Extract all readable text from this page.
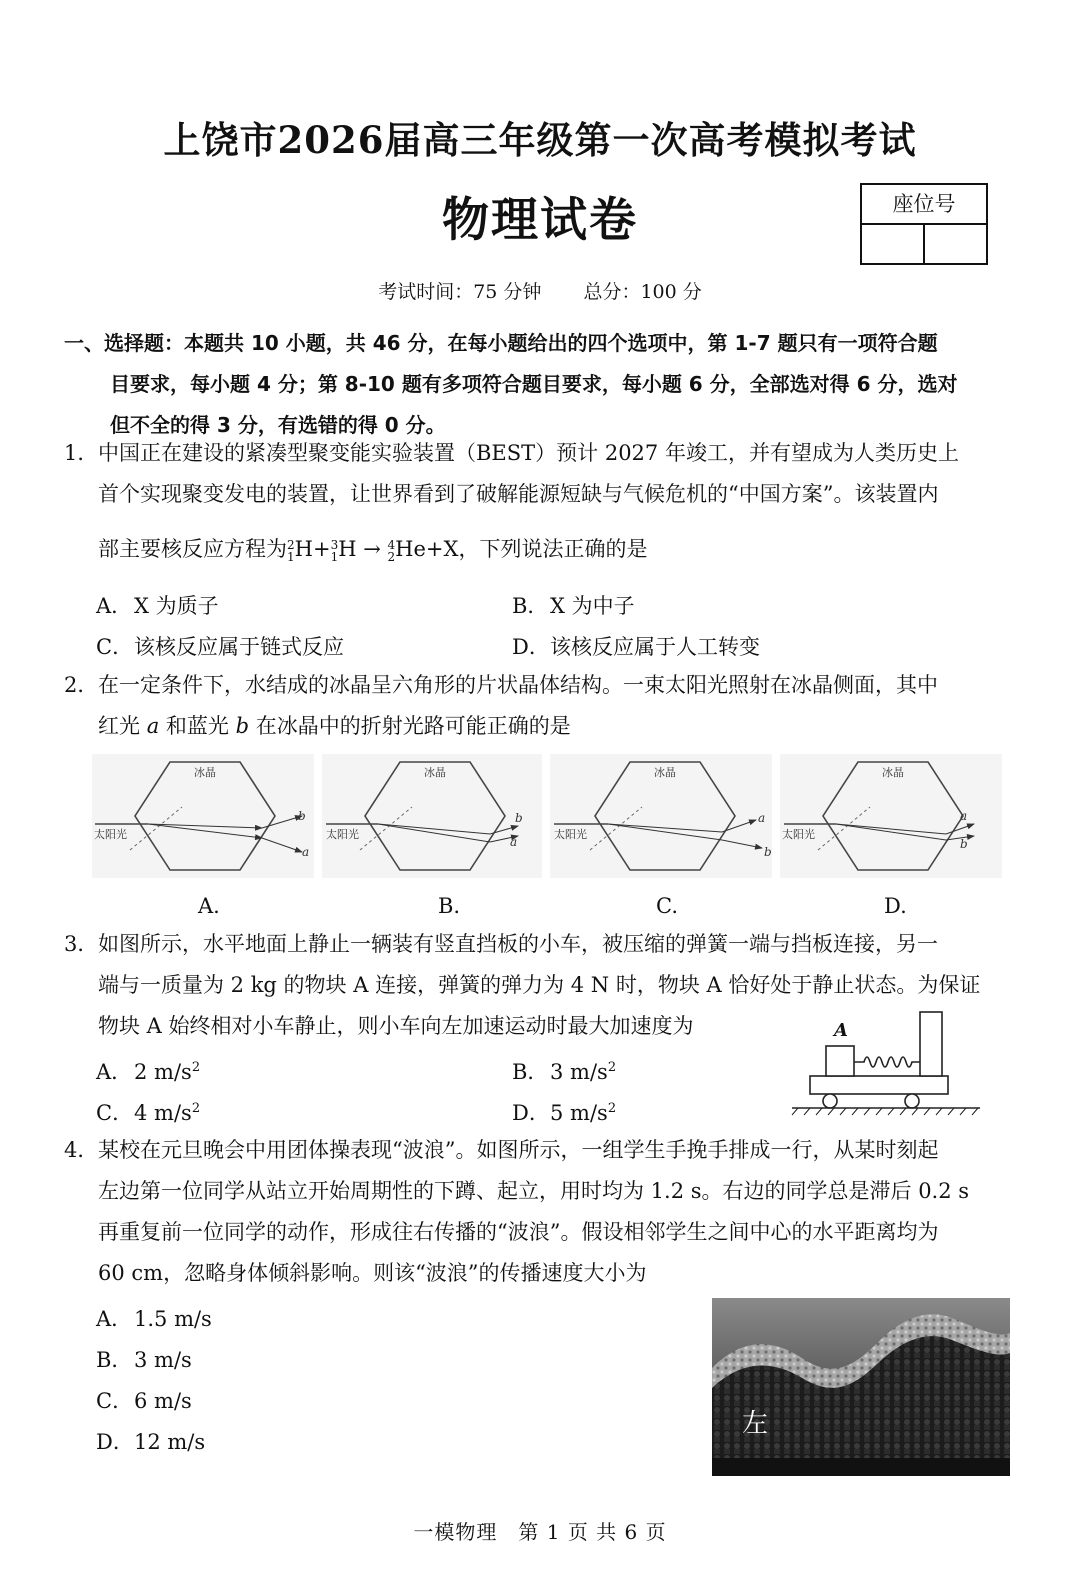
上饶市2026届高三年级第一次高考模拟考试
物理试卷	座位号
考试时间：75 分钟 总分：100 分
一、选择题：本题共 10 小题，共 46 分，在每小题给出的四个选项中，第 1-7 题只有一项符合题
目要求，每小题 4 分；第 8-10 题有多项符合题目要求，每小题 6 分，全部选对得 6 分，选对
但不全的得 3 分，有选错的得 0 分。
1． 中国正在建设的紧凑型聚变能实验装置（BEST）预计 2027 年竣工，并有望成为人类历史上
首个实现聚变发电的装置，让世界看到了破解能源短缺与气候危机的“中国方案”。该装置内
部主要核反应方程为2
1H+3
1H → 4
2He+X，下列说法正确的是
A．X 为质子	B．X 为中子
C．该核反应属于链式反应	D．该核反应属于人工转变
2． 在一定条件下，水结成的冰晶呈六角形的片状晶体结构。一束太阳光照射在冰晶侧面，其中
红光 a 和蓝光 b 在冰晶中的折射光路可能正确的是
冰晶	冰晶	冰晶	冰晶
太阳光	太阳光	太阳光	太阳光
b
a
b
a
a
b
a
b
A.	B.	C.	D.
3． 如图所示，水平地面上静止一辆装有竖直挡板的小车，被压缩的弹簧一端与挡板连接，另一
端与一质量为 2 kg 的物块 A 连接，弹簧的弹力为 4 N 时，物块 A 恰好处于静止状态。为保证
物块 A 始终相对小车静止，则小车向左加速运动时最大加速度为
A．2 $m/s^2$	B．3 $m/s^2$
C．4 $m/s^2$	D．5 $m/s^2$
A
4． 某校在元旦晚会中用团体操表现“波浪”。如图所示，一组学生手挽手排成一行，从某时刻起
左边第一位同学从站立开始周期性的下蹲、起立，用时均为 1.2 s。右边的同学总是滞后 0.2 s
再重复前一位同学的动作，形成往右传播的“波浪”。假设相邻学生之间中心的水平距离均为
60 cm，忽略身体倾斜影响。则该“波浪”的传播速度大小为
A．1.5 m/s
B．3 m/s
C．6 m/s
D．12 m/s
左
一模物理　第 1 页 共 6 页
